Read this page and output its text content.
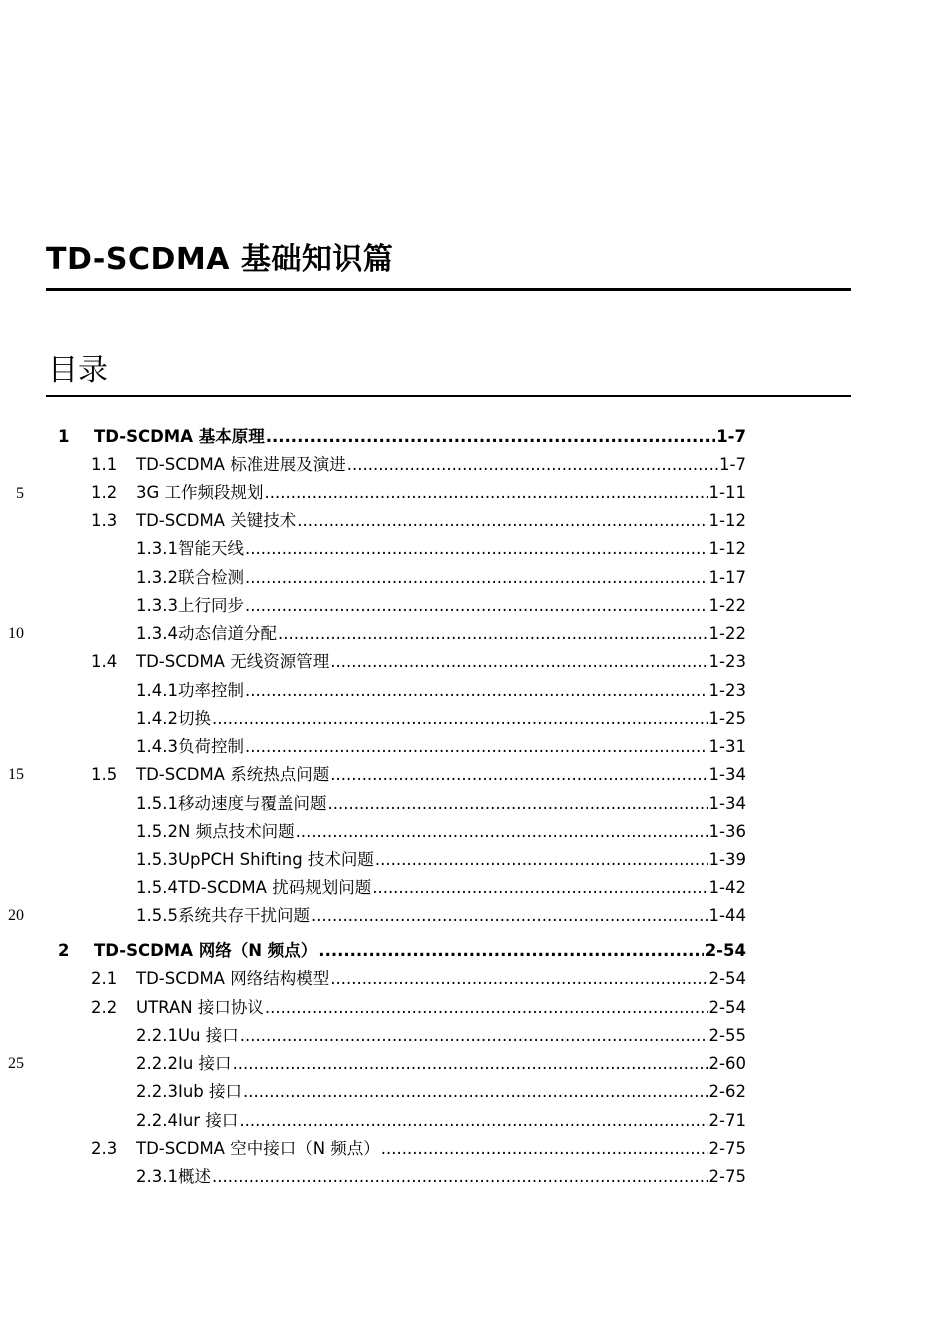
TD-SCDMA 基础知识篇
目录
1	TD-SCDMA 基本原理 .....	1-7
1.1	TD-SCDMA 标准进展及演进 .....	1-7
1.2	3G 工作频段规划 .....	1-11
1.3	TD-SCDMA 关键技术 .....	1-12
1.3.1 智能天线 .....	1-12
1.3.2 联合检测 .....	1-17
1.3.3 上行同步 .....	1-22
1.3.4 动态信道分配 .....	1-22
1.4	TD-SCDMA 无线资源管理 .....	1-23
1.4.1 功率控制 .....	1-23
1.4.2 切换 .....	1-25
1.4.3 负荷控制 .....	1-31
1.5	TD-SCDMA 系统热点问题 .....	1-34
1.5.1 移动速度与覆盖问题 .....	1-34
1.5.2 N 频点技术问题 .....	1-36
1.5.3 UpPCH Shifting 技术问题 .....	1-39
1.5.4 TD-SCDMA 扰码规划问题 .....	1-42
1.5.5 系统共存干扰问题 .....	1-44
2	TD-SCDMA 网络（N 频点） .....	2-54
2.1	TD-SCDMA 网络结构模型 .....	2-54
2.2	UTRAN 接口协议 .....	2-54
2.2.1 Uu 接口 .....	2-55
2.2.2 Iu 接口 .....	2-60
2.2.3 Iub 接口 .....	2-62
2.2.4 Iur 接口 .....	2-71
2.3	TD-SCDMA 空中接口（N 频点） .....	2-75
2.3.1 概述 .....	2-75
5
10
15
20
25
